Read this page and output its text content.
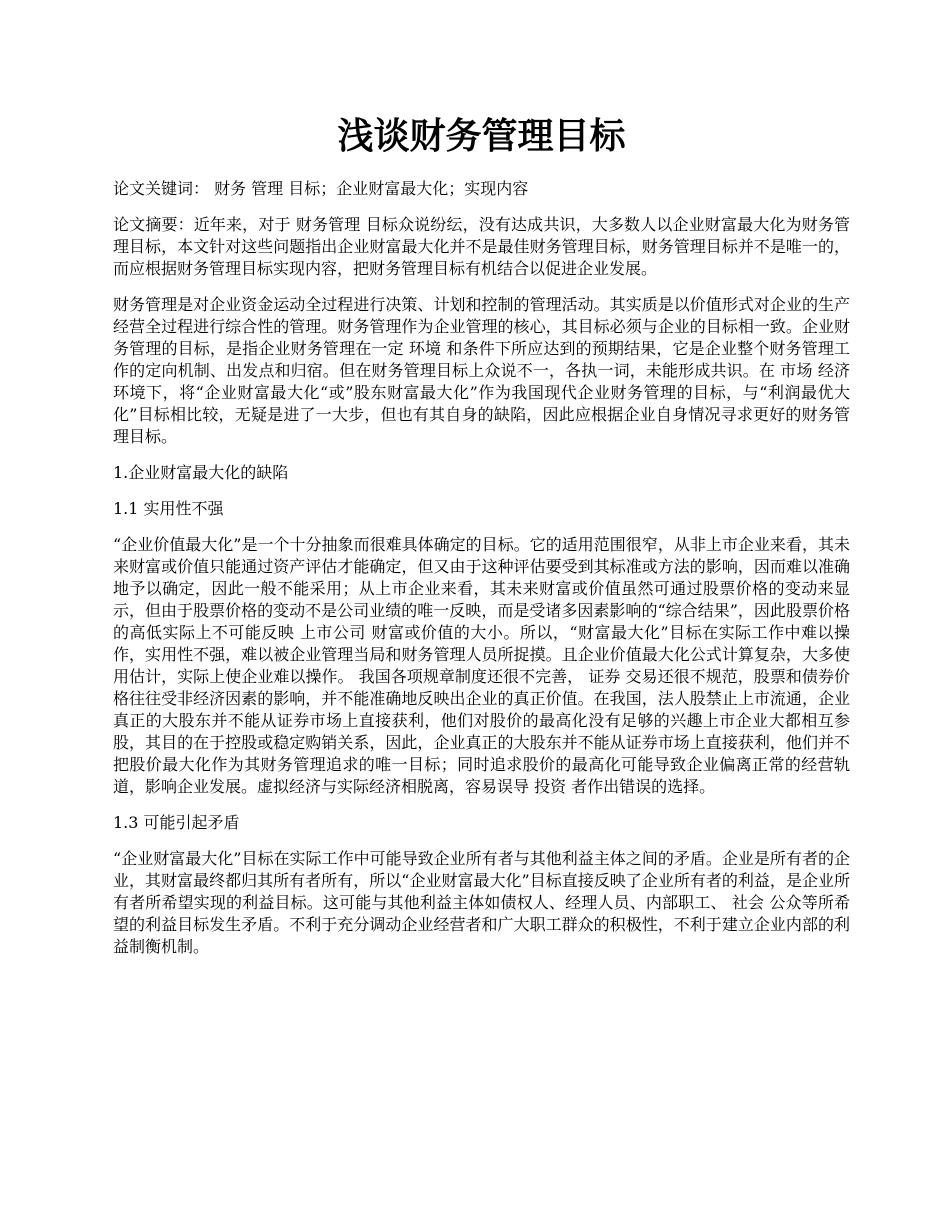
浅谈财务管理目标

论文关键词： 财务 管理 目标；企业财富最大化；实现内容

论文摘要：近年来，对于 财务管理 目标众说纷纭，没有达成共识，大多数人以企业财富最大化为财务管理目标，本文针对这些问题指出企业财富最大化并不是最佳财务管理目标，财务管理目标并不是唯一的，而应根据财务管理目标实现内容，把财务管理目标有机结合以促进企业发展。

财务管理是对企业资金运动全过程进行决策、计划和控制的管理活动。其实质是以价值形式对企业的生产经营全过程进行综合性的管理。财务管理作为企业管理的核心，其目标必须与企业的目标相一致。企业财务管理的目标，是指企业财务管理在一定 环境 和条件下所应达到的预期结果，它是企业整个财务管理工作的定向机制、出发点和归宿。但在财务管理目标上众说不一，各执一词，未能形成共识。在 市场 经济 环境下，将“企业财富最大化“或”股东财富最大化”作为我国现代企业财务管理的目标，与“利润最优大化”目标相比较，无疑是进了一大步，但也有其自身的缺陷，因此应根据企业自身情况寻求更好的财务管理目标。

1.企业财富最大化的缺陷

1.1 实用性不强

“企业价值最大化”是一个十分抽象而很难具体确定的目标。它的适用范围很窄，从非上市企业来看，其未来财富或价值只能通过资产评估才能确定，但又由于这种评估要受到其标准或方法的影响，因而难以准确地予以确定，因此一般不能采用；从上市企业来看，其未来财富或价值虽然可通过股票价格的变动来显示，但由于股票价格的变动不是公司业绩的唯一反映，而是受诸多因素影响的“综合结果”，因此股票价格的高低实际上不可能反映 上市公司 财富或价值的大小。所以，“财富最大化”目标在实际工作中难以操作，实用性不强，难以被企业管理当局和财务管理人员所捉摸。且企业价值最大化公式计算复杂，大多使用估计，实际上使企业难以操作。 我国各项规章制度还很不完善， 证券 交易还很不规范，股票和债券价格往往受非经济因素的影响，并不能准确地反映出企业的真正价值。在我国，法人股禁止上市流通，企业真正的大股东并不能从证券市场上直接获利，他们对股价的最高化没有足够的兴趣上市企业大都相互参股，其目的在于控股或稳定购销关系，因此，企业真正的大股东并不能从证券市场上直接获利，他们并不把股价最大化作为其财务管理追求的唯一目标；同时追求股价的最高化可能导致企业偏离正常的经营轨道，影响企业发展。虚拟经济与实际经济相脱离，容易误导 投资 者作出错误的选择。

1.3 可能引起矛盾

“企业财富最大化”目标在实际工作中可能导致企业所有者与其他利益主体之间的矛盾。企业是所有者的企业，其财富最终都归其所有者所有，所以“企业财富最大化”目标直接反映了企业所有者的利益，是企业所有者所希望实现的利益目标。这可能与其他利益主体如债权人、经理人员、内部职工、 社会 公众等所希望的利益目标发生矛盾。不利于充分调动企业经营者和广大职工群众的积极性，不利于建立企业内部的利益制衡机制。
